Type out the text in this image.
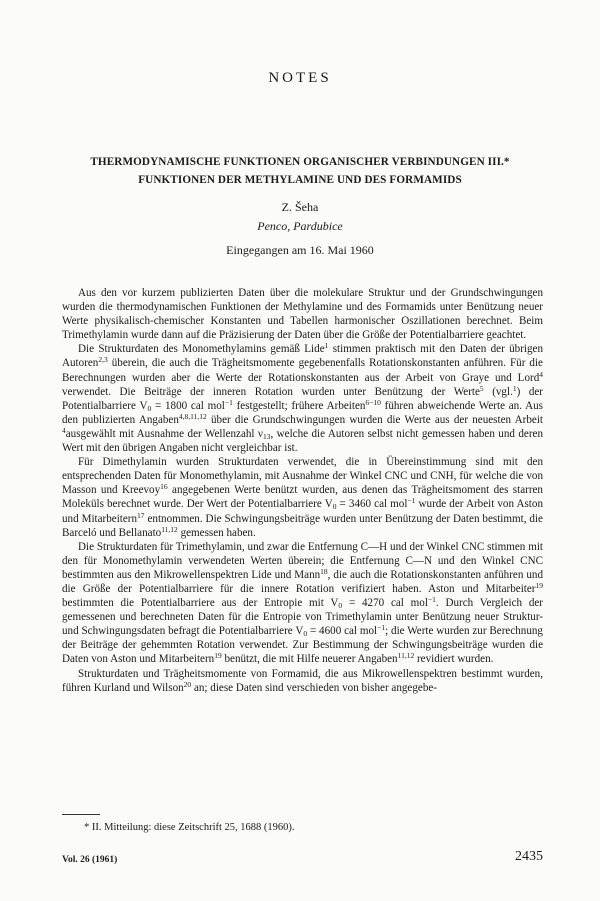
NOTES
THERMODYNAMISCHE FUNKTIONEN ORGANISCHER VERBINDUNGEN III.*
FUNKTIONEN DER METHYLAMINE UND DES FORMAMIDS
Z. Šeha
Penco, Pardubice
Eingegangen am 16. Mai 1960

Aus den vor kurzem publizierten Daten über die molekulare Struktur und der Grundschwingungen wurden die thermodynamischen Funktionen der Methylamine und des Formamids unter Benützung neuer Werte physikalisch-chemischer Konstanten und Tabellen harmonischer Oszillationen berechnet. Beim Trimethylamin wurde dann auf die Präzisierung der Daten über die Größe der Potentialbarriere geachtet.

Die Strukturdaten des Monomethylamins gemäß Lide$^1$ stimmen praktisch mit den Daten der übrigen Autoren$^{2,3}$ überein, die auch die Trägheitsmomente gegebenenfalls Rotationskonstanten anführen. Für die Berechnungen wurden aber die Werte der Rotationskonstanten aus der Arbeit von Graye und Lord$^4$ verwendet. Die Beiträge der inneren Rotation wurden unter Benützung der Werte$^5$ (vgl.$^1$) der Potentialbarriere $V_0 = 1800$ cal mol$^{-1}$ festgestellt; frühere Arbeiten$^{6-10}$ führen abweichende Werte an. Aus den publizierten Angaben$^{4,8,11,12}$ über die Grundschwingungen wurden die Werte aus der neuesten Arbeit $^4$ausgewählt mit Ausnahme der Wellenzahl $\nu_{13}$, welche die Autoren selbst nicht gemessen haben und deren Wert mit den übrigen Angaben nicht vergleichbar ist.

Für Dimethylamin wurden Strukturdaten verwendet, die in Übereinstimmung sind mit den entsprechenden Daten für Monomethylamin, mit Ausnahme der Winkel CNC und CNH, für welche die von Masson und Kreevoy$^{16}$ angegebenen Werte benützt wurden, aus denen das Trägheitsmoment des starren Moleküls berechnet wurde. Der Wert der Potentialbarriere $V_0 = 3460$ cal mol$^{-1}$ wurde der Arbeit von Aston und Mitarbeitern$^{17}$ entnommen. Die Schwingungsbeiträge wurden unter Benützung der Daten bestimmt, die Barceló und Bellanato$^{11,12}$ gemessen haben.

Die Strukturdaten für Trimethylamin, und zwar die Entfernung C—H und der Winkel CNC stimmen mit den für Monomethylamin verwendeten Werten überein; die Entfernung C—N und den Winkel CNC bestimmten aus den Mikrowellenspektren Lide und Mann$^{18}$, die auch die Rotationskonstanten anführen und die Größe der Potentialbarriere für die innere Rotation verifiziert haben. Aston und Mitarbeiter$^{19}$ bestimmten die Potentialbarriere aus der Entropie mit $V_0 = 4270$ cal mol$^{-1}$. Durch Vergleich der gemessenen und berechneten Daten für die Entropie von Trimethylamin unter Benützung neuer Struktur- und Schwingungsdaten befragt die Potentialbarriere $V_0 = 4600$ cal mol$^{-1}$; die Werte wurden zur Berechnung der Beiträge der gehemmten Rotation verwendet. Zur Bestimmung der Schwingungsbeiträge wurden die Daten von Aston und Mitarbeitern$^{19}$ benützt, die mit Hilfe neuerer Angaben$^{11,12}$ revidiert wurden.

Strukturdaten und Trägheitsmomente von Formamid, die aus Mikrowellenspektren bestimmt wurden, führen Kurland und Wilson$^{20}$ an; diese Daten sind verschieden von bisher angegebe-

* II. Mitteilung: diese Zeitschrift 25, 1688 (1960).
Vol. 26 (1961)	2435
